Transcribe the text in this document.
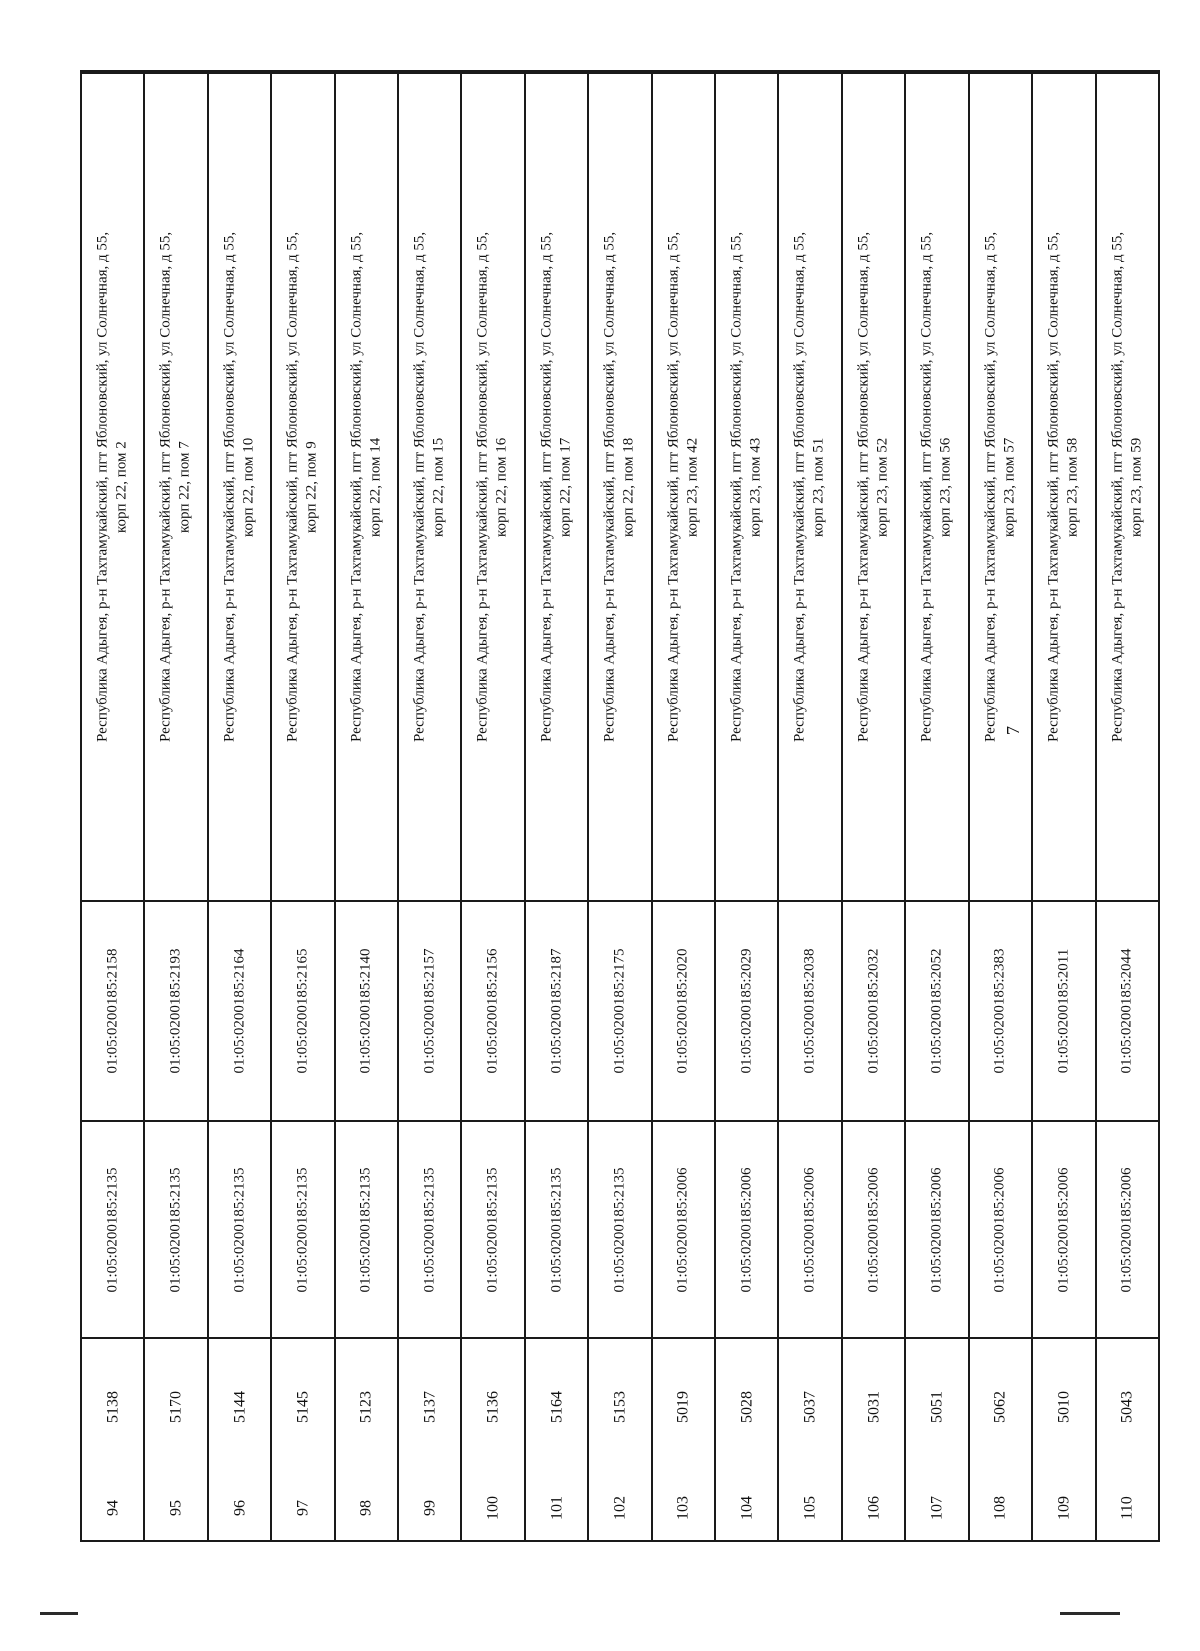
94
5138
01:05:0200185:2135
01:05:0200185:2158
Республика Адыгея, р-н Тахтамукайский, пгт Яблоновский, ул Солнечная, д 55, корп 22, пом 2
95
5170
01:05:0200185:2135
01:05:0200185:2193
Республика Адыгея, р-н Тахтамукайский, пгт Яблоновский, ул Солнечная, д 55, корп 22, пом 7
96
5144
01:05:0200185:2135
01:05:0200185:2164
Республика Адыгея, р-н Тахтамукайский, пгт Яблоновский, ул Солнечная, д 55, корп 22, пом 10
97
5145
01:05:0200185:2135
01:05:0200185:2165
Республика Адыгея, р-н Тахтамукайский, пгт Яблоновский, ул Солнечная, д 55, корп 22, пом 9
98
5123
01:05:0200185:2135
01:05:0200185:2140
Республика Адыгея, р-н Тахтамукайский, пгт Яблоновский, ул Солнечная, д 55, корп 22, пом 14
99
5137
01:05:0200185:2135
01:05:0200185:2157
Республика Адыгея, р-н Тахтамукайский, пгт Яблоновский, ул Солнечная, д 55, корп 22, пом 15
100
5136
01:05:0200185:2135
01:05:0200185:2156
Республика Адыгея, р-н Тахтамукайский, пгт Яблоновский, ул Солнечная, д 55, корп 22, пом 16
101
5164
01:05:0200185:2135
01:05:0200185:2187
Республика Адыгея, р-н Тахтамукайский, пгт Яблоновский, ул Солнечная, д 55, корп 22, пом 17
102
5153
01:05:0200185:2135
01:05:0200185:2175
Республика Адыгея, р-н Тахтамукайский, пгт Яблоновский, ул Солнечная, д 55, корп 22, пом 18
103
5019
01:05:0200185:2006
01:05:0200185:2020
Республика Адыгея, р-н Тахтамукайский, пгт Яблоновский, ул Солнечная, д 55, корп 23, пом 42
104
5028
01:05:0200185:2006
01:05:0200185:2029
Республика Адыгея, р-н Тахтамукайский, пгт Яблоновский, ул Солнечная, д 55, корп 23, пом 43
105
5037
01:05:0200185:2006
01:05:0200185:2038
Республика Адыгея, р-н Тахтамукайский, пгт Яблоновский, ул Солнечная, д 55, корп 23, пом 51
106
5031
01:05:0200185:2006
01:05:0200185:2032
Республика Адыгея, р-н Тахтамукайский, пгт Яблоновский, ул Солнечная, д 55, корп 23, пом 52
107
5051
01:05:0200185:2006
01:05:0200185:2052
Республика Адыгея, р-н Тахтамукайский, пгт Яблоновский, ул Солнечная, д 55, корп 23, пом 56
108
5062
01:05:0200185:2006
01:05:0200185:2383
Республика Адыгея, р-н Тахтамукайский, пгт Яблоновский, ул Солнечная, д 55, корп 23, пом 57
109
5010
01:05:0200185:2006
01:05:0200185:2011
Республика Адыгея, р-н Тахтамукайский, пгт Яблоновский, ул Солнечная, д 55, корп 23, пом 58
110
5043
01:05:0200185:2006
01:05:0200185:2044
Республика Адыгея, р-н Тахтамукайский, пгт Яблоновский, ул Солнечная, д 55, корп 23, пом 59
7
